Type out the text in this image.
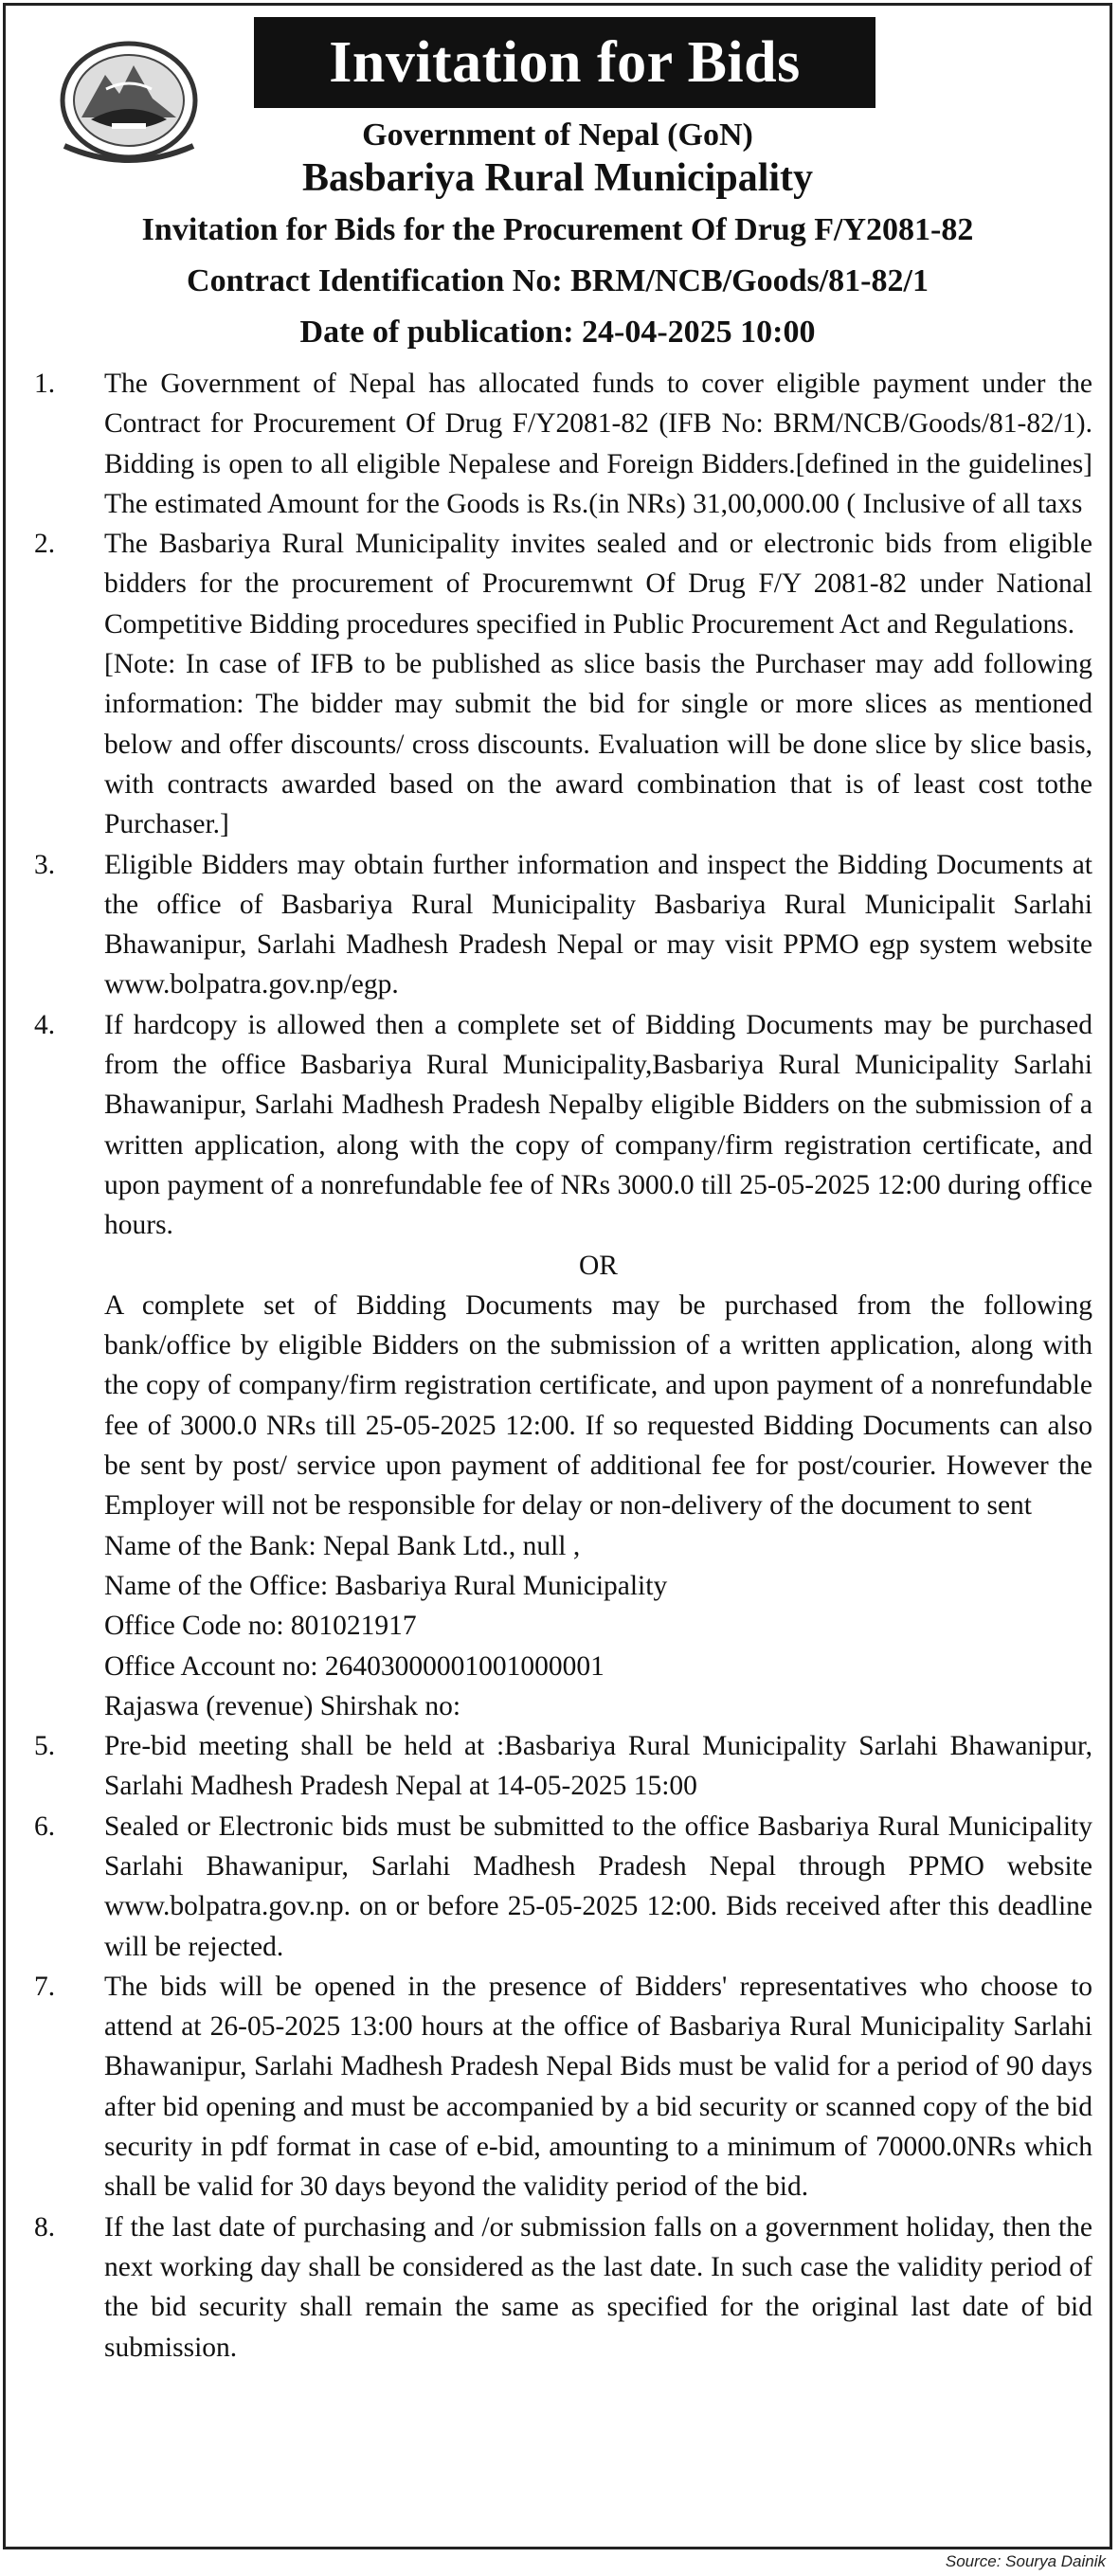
Invitation for Bids
Government of Nepal (GoN)
Basbariya Rural Municipality
Invitation for Bids for the Procurement Of Drug F/Y2081-82
Contract Identification No: BRM/NCB/Goods/81-82/1
Date of publication: 24-04-2025 10:00
1.	The Government of Nepal has allocated funds to cover eligible payment under the Contract for Procurement Of Drug F/Y2081-82 (IFB No: BRM/NCB/Goods/81-82/1). Bidding is open to all eligible Nepalese and Foreign Bidders.[defined in the guidelines] The estimated Amount for the Goods is Rs.(in NRs) 31,00,000.00 ( Inclusive of all taxs
2.	The Basbariya Rural Municipality invites sealed and or electronic bids from eligible bidders for the procurement of Procuremwnt Of Drug F/Y 2081-82 under National Competitive Bidding procedures specified in Public Procurement Act and Regulations.
[Note: In case of IFB to be published as slice basis the Purchaser may add following information: The bidder may submit the bid for single or more slices as mentioned below and offer discounts/ cross discounts. Evaluation will be done slice by slice basis, with contracts awarded based on the award combination that is of least cost tothe Purchaser.]
3.	Eligible Bidders may obtain further information and inspect the Bidding Documents at the office of Basbariya Rural Municipality Basbariya Rural Municipalit Sarlahi Bhawanipur, Sarlahi Madhesh Pradesh Nepal or may visit PPMO egp system website www.bolpatra.gov.np/egp.
4.	If hardcopy is allowed then a complete set of Bidding Documents may be purchased from the office Basbariya Rural Municipality,Basbariya Rural Municipality Sarlahi Bhawanipur, Sarlahi Madhesh Pradesh Nepalby eligible Bidders on the submission of a written application, along with the copy of company/firm registration certificate, and upon payment of a nonrefundable fee of NRs 3000.0 till 25-05-2025 12:00 during office hours.
OR
A complete set of Bidding Documents may be purchased from the following bank/office by eligible Bidders on the submission of a written application, along with the copy of company/firm registration certificate, and upon payment of a nonrefundable fee of 3000.0 NRs till 25-05-2025 12:00. If so requested Bidding Documents can also be sent by post/ service upon payment of additional fee for post/courier. However the Employer will not be responsible for delay or non-delivery of the document to sent
Name of the Bank: Nepal Bank Ltd., null ,
Name of the Office: Basbariya Rural Municipality
Office Code no: 801021917
Office Account no: 26403000001001000001
Rajaswa (revenue) Shirshak no:
5.	Pre-bid meeting shall be held at :Basbariya Rural Municipality Sarlahi Bhawanipur, Sarlahi Madhesh Pradesh Nepal at 14-05-2025 15:00
6.	Sealed or Electronic bids must be submitted to the office Basbariya Rural Municipality Sarlahi Bhawanipur, Sarlahi Madhesh Pradesh Nepal through PPMO website www.bolpatra.gov.np. on or before 25-05-2025 12:00. Bids received after this deadline will be rejected.
7.	The bids will be opened in the presence of Bidders' representatives who choose to attend at 26-05-2025 13:00 hours at the office of Basbariya Rural Municipality Sarlahi Bhawanipur, Sarlahi Madhesh Pradesh Nepal Bids must be valid for a period of 90 days after bid opening and must be accompanied by a bid security or scanned copy of the bid security in pdf format in case of e-bid, amounting to a minimum of 70000.0NRs which shall be valid for 30 days beyond the validity period of the bid.
8.	If the last date of purchasing and /or submission falls on a government holiday, then the next working day shall be considered as the last date. In such case the validity period of the bid security shall remain the same as specified for the original last date of bid submission.
Source: Sourya Dainik
